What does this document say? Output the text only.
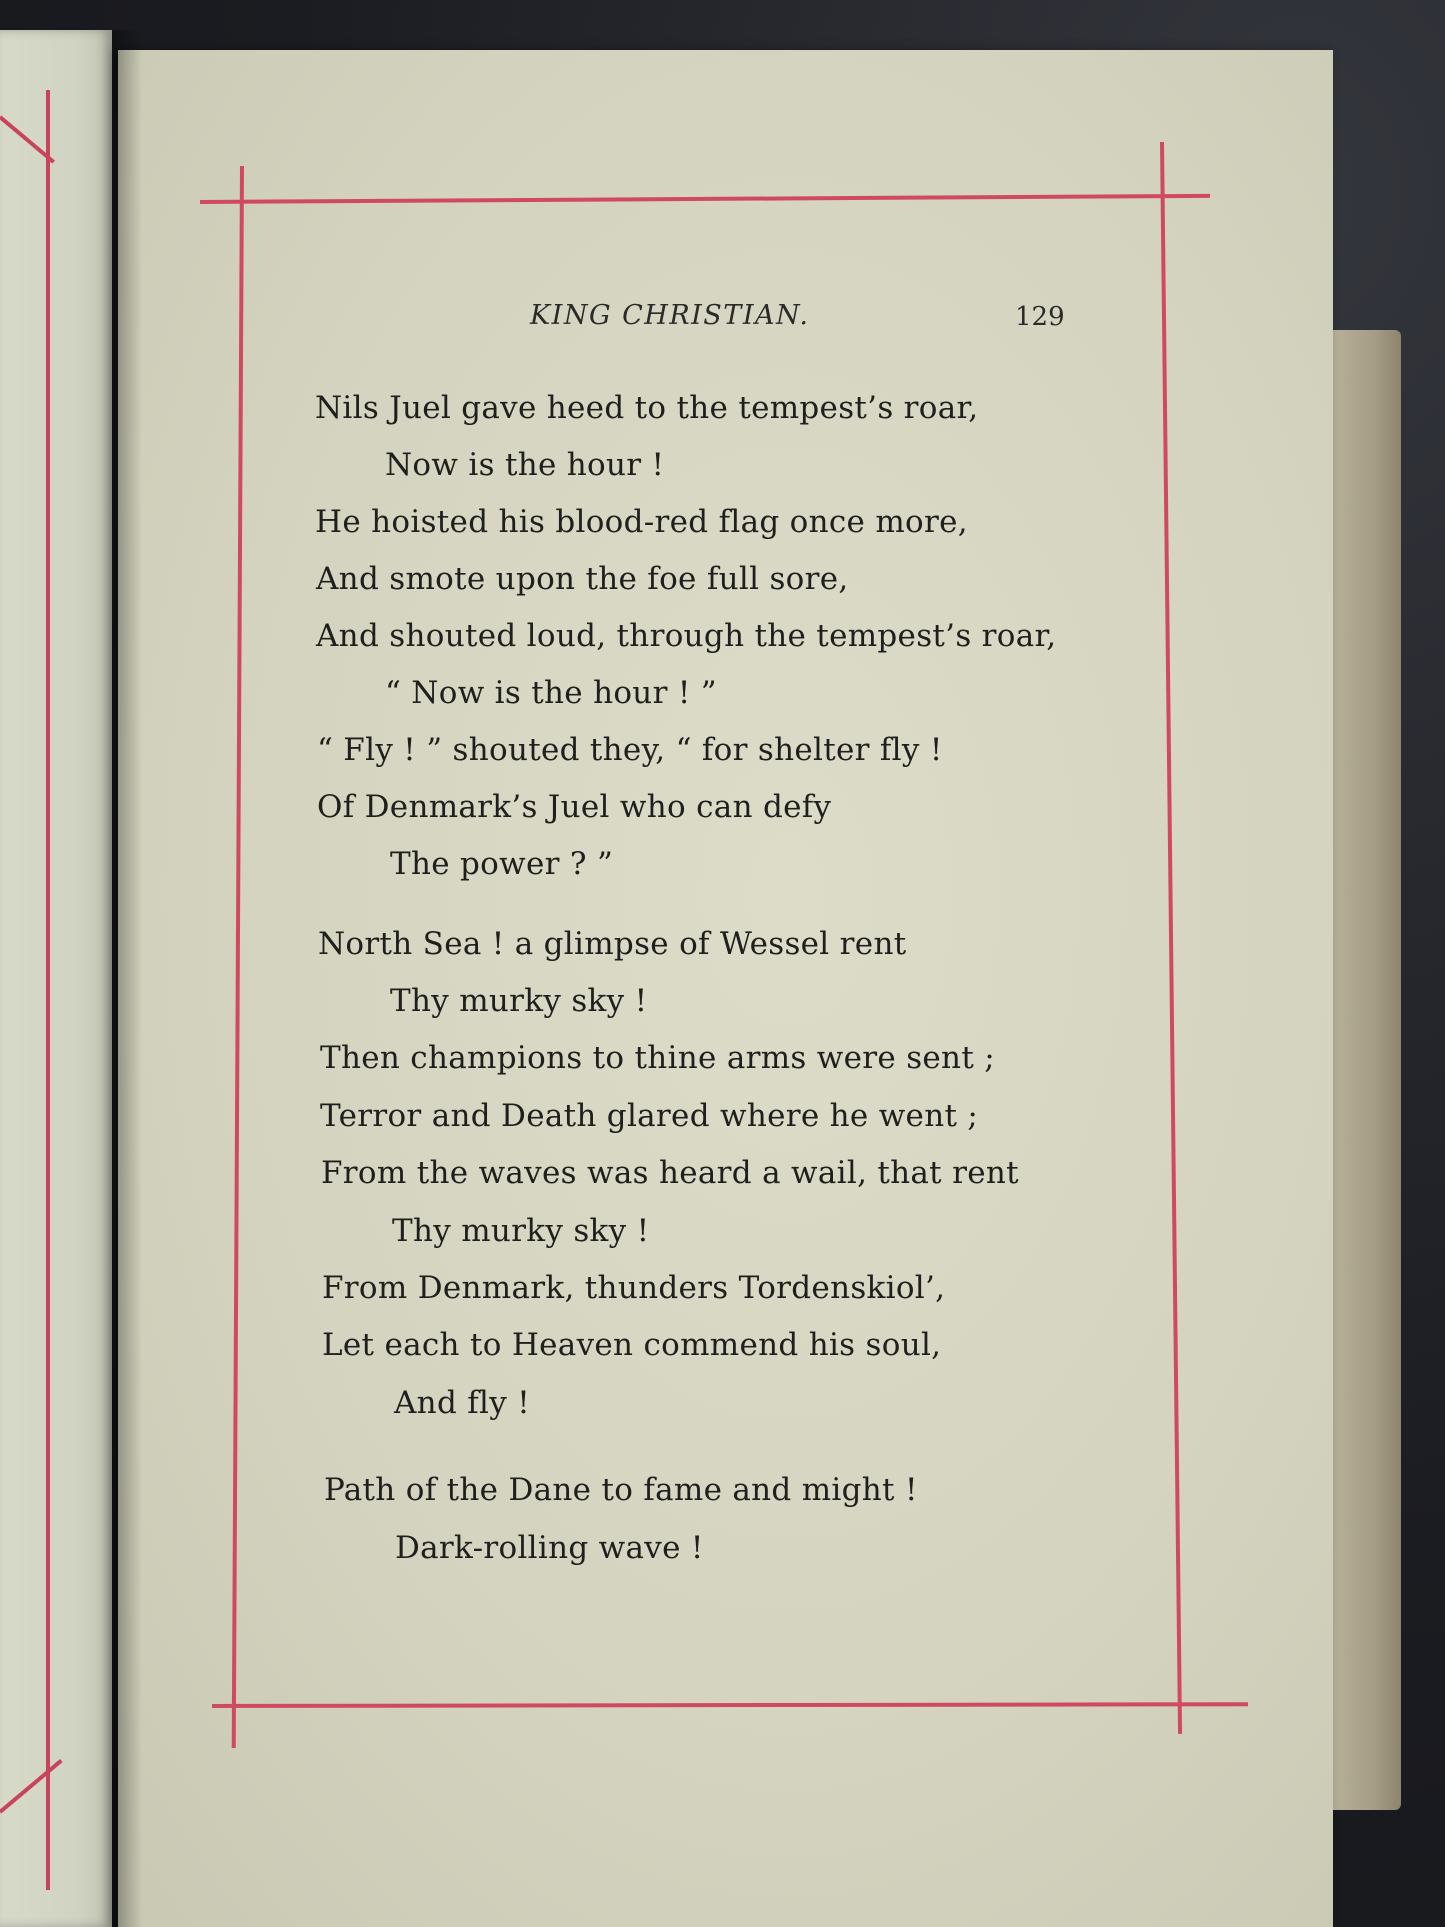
KING CHRISTIAN.	129
Nils Juel gave heed to the tempest’s roar,
Now is the hour !
He hoisted his blood-red flag once more,
And smote upon the foe full sore,
And shouted loud, through the tempest’s roar,
“ Now is the hour ! ”
“ Fly ! ” shouted they, “ for shelter fly !
Of Denmark’s Juel who can defy
The power ? ”
North Sea ! a glimpse of Wessel rent
Thy murky sky !
Then champions to thine arms were sent ;
Terror and Death glared where he went ;
From the waves was heard a wail, that rent
Thy murky sky !
From Denmark, thunders Tordenskiol’,
Let each to Heaven commend his soul,
And fly !
Path of the Dane to fame and might !
Dark-rolling wave !
